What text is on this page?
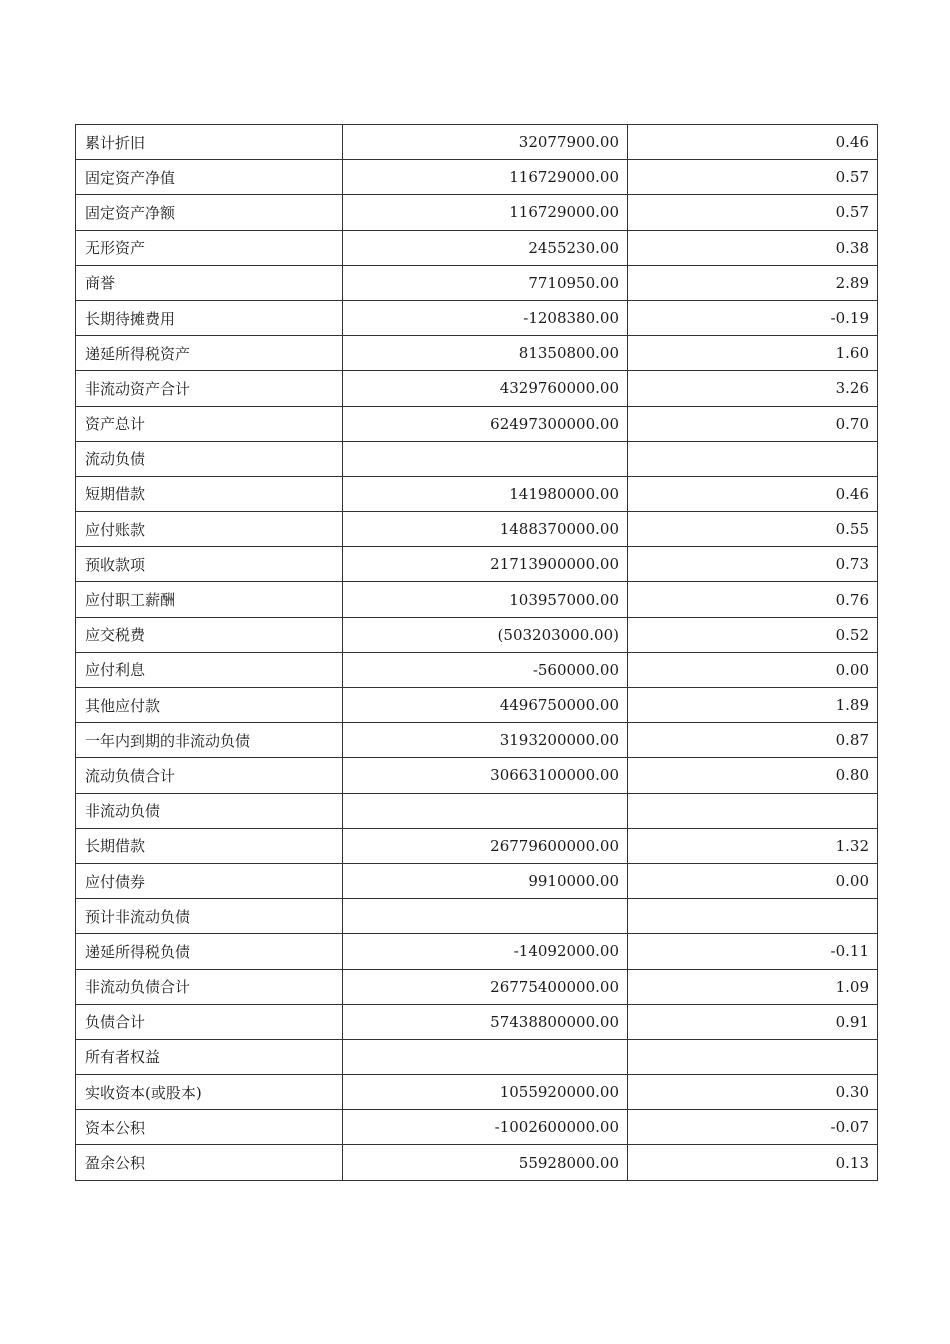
累计折旧	32077900.00	0.46
固定资产净值	116729000.00	0.57
固定资产净额	116729000.00	0.57
无形资产	2455230.00	0.38
商誉	7710950.00	2.89
长期待摊费用	-1208380.00	-0.19
递延所得税资产	81350800.00	1.60
非流动资产合计	4329760000.00	3.26
资产总计	62497300000.00	0.70
流动负债		
短期借款	141980000.00	0.46
应付账款	1488370000.00	0.55
预收款项	21713900000.00	0.73
应付职工薪酬	103957000.00	0.76
应交税费	(503203000.00)	0.52
应付利息	-560000.00	0.00
其他应付款	4496750000.00	1.89
一年内到期的非流动负债	3193200000.00	0.87
流动负债合计	30663100000.00	0.80
非流动负债		
长期借款	26779600000.00	1.32
应付债券	9910000.00	0.00
预计非流动负债		
递延所得税负债	-14092000.00	-0.11
非流动负债合计	26775400000.00	1.09
负债合计	57438800000.00	0.91
所有者权益		
实收资本(或股本)	1055920000.00	0.30
资本公积	-1002600000.00	-0.07
盈余公积	55928000.00	0.13
